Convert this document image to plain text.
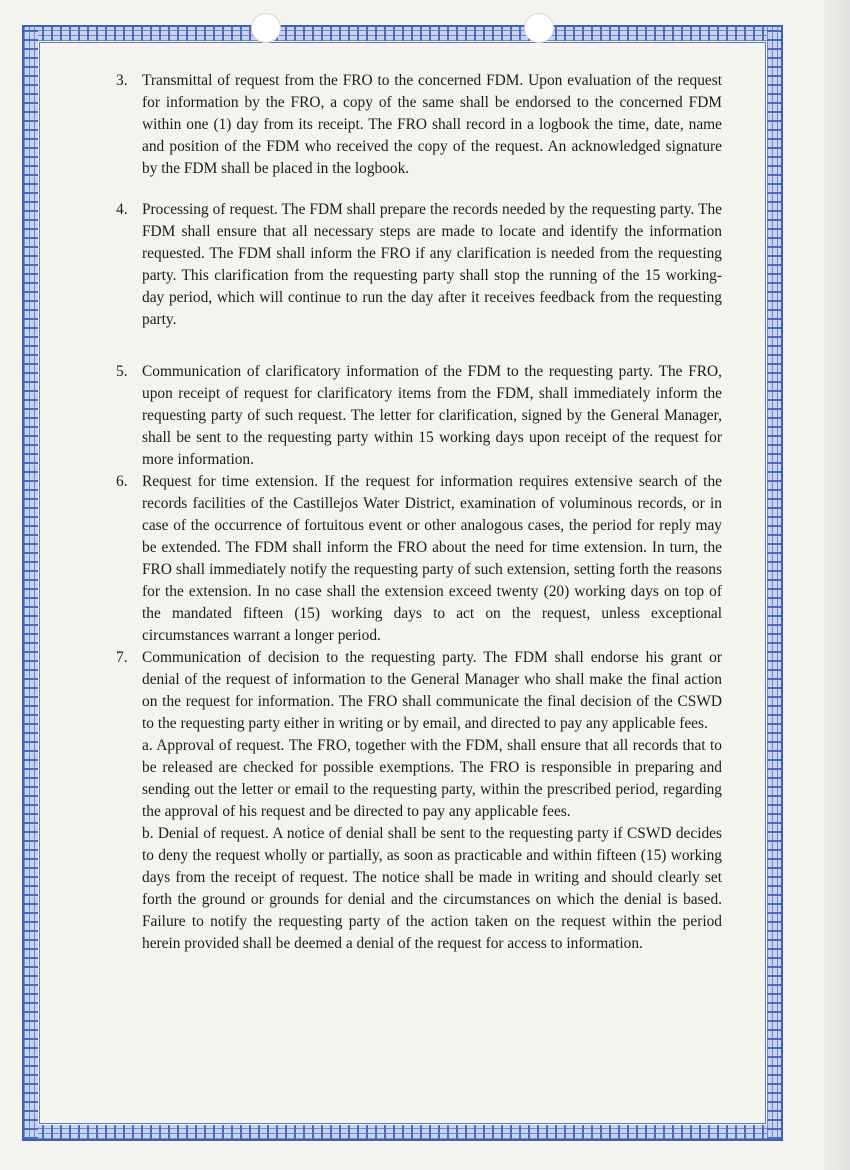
3. Transmittal of request from the FRO to the concerned FDM. Upon evaluation of the request for information by the FRO, a copy of the same shall be endorsed to the concerned FDM within one (1) day from its receipt. The FRO shall record in a logbook the time, date, name and position of the FDM who received the copy of the request. An acknowledged signature by the FDM shall be placed in the logbook.

4. Processing of request. The FDM shall prepare the records needed by the requesting party. The FDM shall ensure that all necessary steps are made to locate and identify the information requested. The FDM shall inform the FRO if any clarification is needed from the requesting party. This clarification from the requesting party shall stop the running of the 15 working-day period, which will continue to run the day after it receives feedback from the requesting party.

5. Communication of clarificatory information of the FDM to the requesting party. The FRO, upon receipt of request for clarificatory items from the FDM, shall immediately inform the requesting party of such request. The letter for clarification, signed by the General Manager, shall be sent to the requesting party within 15 working days upon receipt of the request for more information.

6. Request for time extension. If the request for information requires extensive search of the records facilities of the Castillejos Water District, examination of voluminous records, or in case of the occurrence of fortuitous event or other analogous cases, the period for reply may be extended. The FDM shall inform the FRO about the need for time extension. In turn, the FRO shall immediately notify the requesting party of such extension, setting forth the reasons for the extension. In no case shall the extension exceed twenty (20) working days on top of the mandated fifteen (15) working days to act on the request, unless exceptional circumstances warrant a longer period.

7. Communication of decision to the requesting party. The FDM shall endorse his grant or denial of the request of information to the General Manager who shall make the final action on the request for information. The FRO shall communicate the final decision of the CSWD to the requesting party either in writing or by email, and directed to pay any applicable fees.

a. Approval of request. The FRO, together with the FDM, shall ensure that all records that to be released are checked for possible exemptions. The FRO is responsible in preparing and sending out the letter or email to the requesting party, within the prescribed period, regarding the approval of his request and be directed to pay any applicable fees.

b. Denial of request. A notice of denial shall be sent to the requesting party if CSWD decides to deny the request wholly or partially, as soon as practicable and within fifteen (15) working days from the receipt of request. The notice shall be made in writing and should clearly set forth the ground or grounds for denial and the circumstances on which the denial is based. Failure to notify the requesting party of the action taken on the request within the period herein provided shall be deemed a denial of the request for access to information.
